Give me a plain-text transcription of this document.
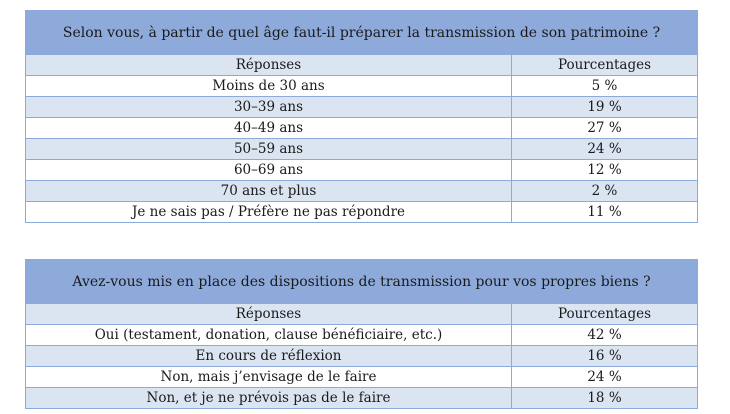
Selon vous, à partir de quel âge faut-il préparer la transmission de son patrimoine ?	
Réponses	Pourcentages
Moins de 30 ans	5 %
30–39 ans	19 %
40–49 ans	27 %
50–59 ans	24 %
60–69 ans	12 %
70 ans et plus	2 %
Je ne sais pas / Préfère ne pas répondre	11 %
Avez-vous mis en place des dispositions de transmission pour vos propres biens ?	
Réponses	Pourcentages
Oui (testament, donation, clause bénéficiaire, etc.)	42 %
En cours de réflexion	16 %
Non, mais j’envisage de le faire	24 %
Non, et je ne prévois pas de le faire	18 %
